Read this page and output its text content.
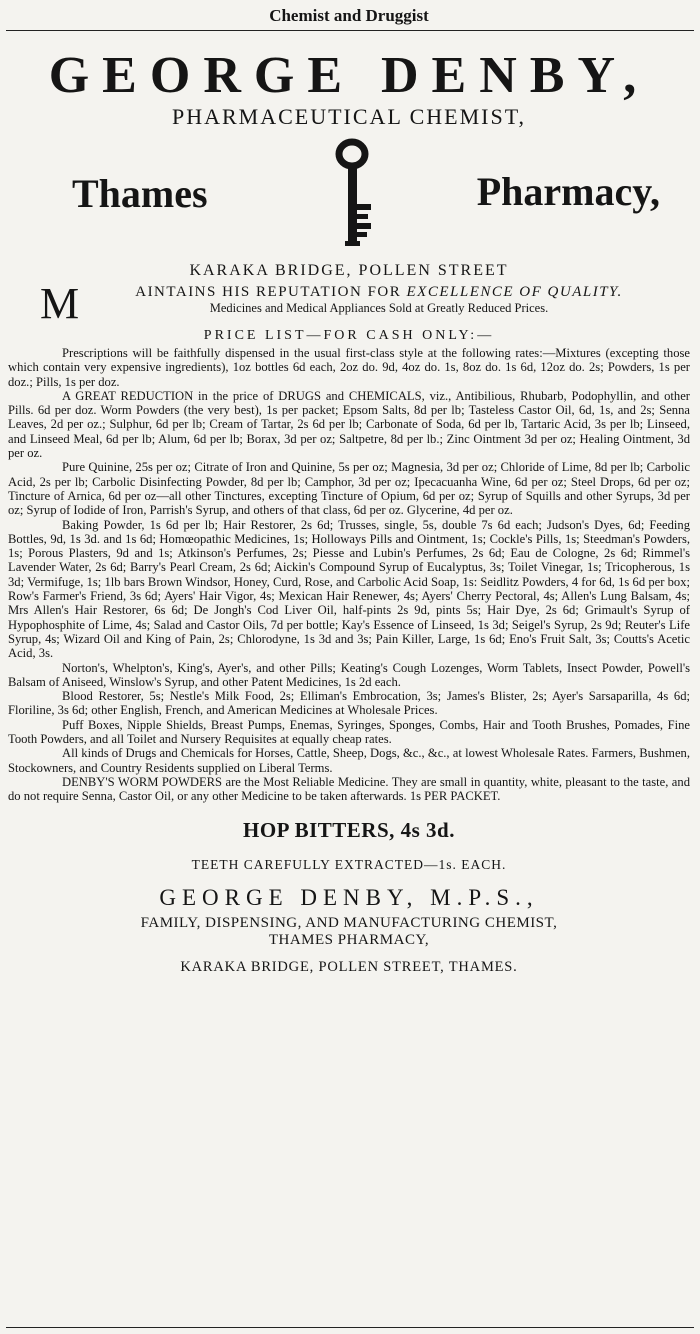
Chemist and Druggist
GEORGE DENBY,
PHARMACEUTICAL CHEMIST,
Thames	Pharmacy,
KARAKA BRIDGE, POLLEN STREET
M	AINTAINS HIS REPUTATION FOR EXCELLENCE OF QUALITY.
Medicines and Medical Appliances Sold at Greatly Reduced Prices.
PRICE LIST—FOR CASH ONLY:—

Prescriptions will be faithfully dispensed in the usual first-class style at the following rates:—Mixtures (excepting those which contain very expensive ingredients), 1oz bottles 6d each, 2oz do. 9d, 4oz do. 1s, 8oz do. 1s 6d, 12oz do. 2s; Powders, 1s per doz.; Pills, 1s per doz.

A GREAT REDUCTION in the price of DRUGS and CHEMICALS, viz., Antibilious, Rhubarb, Podophyllin, and other Pills. 6d per doz. Worm Powders (the very best), 1s per packet; Epsom Salts, 8d per lb; Tasteless Castor Oil, 6d, 1s, and 2s; Senna Leaves, 2d per oz.; Sulphur, 6d per lb; Cream of Tartar, 2s 6d per lb; Carbonate of Soda, 6d per lb, Tartaric Acid, 3s per lb; Linseed, and Linseed Meal, 6d per lb; Alum, 6d per lb; Borax, 3d per oz; Saltpetre, 8d per lb.; Zinc Ointment 3d per oz; Healing Ointment, 3d per oz.

Pure Quinine, 25s per oz; Citrate of Iron and Quinine, 5s per oz; Magnesia, 3d per oz; Chloride of Lime, 8d per lb; Carbolic Acid, 2s per lb; Carbolic Disinfecting Powder, 8d per lb; Camphor, 3d per oz; Ipecacuanha Wine, 6d per oz; Steel Drops, 6d per oz; Tincture of Arnica, 6d per oz—all other Tinctures, excepting Tincture of Opium, 6d per oz; Syrup of Squills and other Syrups, 3d per oz; Syrup of Iodide of Iron, Parrish's Syrup, and others of that class, 6d per oz. Glycerine, 4d per oz.

Baking Powder, 1s 6d per lb; Hair Restorer, 2s 6d; Trusses, single, 5s, double 7s 6d each; Judson's Dyes, 6d; Feeding Bottles, 9d, 1s 3d. and 1s 6d; Homœopathic Medicines, 1s; Holloways Pills and Ointment, 1s; Cockle's Pills, 1s; Steedman's Powders, 1s; Porous Plasters, 9d and 1s; Atkinson's Perfumes, 2s; Piesse and Lubin's Perfumes, 2s 6d; Eau de Cologne, 2s 6d; Rimmel's Lavender Water, 2s 6d; Barry's Pearl Cream, 2s 6d; Aickin's Compound Syrup of Eucalyptus, 3s; Toilet Vinegar, 1s; Tricopherous, 1s 3d; Vermifuge, 1s; 1lb bars Brown Windsor, Honey, Curd, Rose, and Carbolic Acid Soap, 1s: Seidlitz Powders, 4 for 6d, 1s 6d per box; Row's Farmer's Friend, 3s 6d; Ayers' Hair Vigor, 4s; Mexican Hair Renewer, 4s; Ayers' Cherry Pectoral, 4s; Allen's Lung Balsam, 4s; Mrs Allen's Hair Restorer, 6s 6d; De Jongh's Cod Liver Oil, half-pints 2s 9d, pints 5s; Hair Dye, 2s 6d; Grimault's Syrup of Hypophosphite of Lime, 4s; Salad and Castor Oils, 7d per bottle; Kay's Essence of Linseed, 1s 3d; Seigel's Syrup, 2s 9d; Reuter's Life Syrup, 4s; Wizard Oil and King of Pain, 2s; Chlorodyne, 1s 3d and 3s; Pain Killer, Large, 1s 6d; Eno's Fruit Salt, 3s; Coutts's Acetic Acid, 3s.

Norton's, Whelpton's, King's, Ayer's, and other Pills; Keating's Cough Lozenges, Worm Tablets, Insect Powder, Powell's Balsam of Aniseed, Winslow's Syrup, and other Patent Medicines, 1s 2d each.

Blood Restorer, 5s; Nestle's Milk Food, 2s; Elliman's Embrocation, 3s; James's Blister, 2s; Ayer's Sarsaparilla, 4s 6d; Floriline, 3s 6d; other English, French, and American Medicines at Wholesale Prices.

Puff Boxes, Nipple Shields, Breast Pumps, Enemas, Syringes, Sponges, Combs, Hair and Tooth Brushes, Pomades, Fine Tooth Powders, and all Toilet and Nursery Requisites at equally cheap rates.

All kinds of Drugs and Chemicals for Horses, Cattle, Sheep, Dogs, &c., &c., at lowest Wholesale Rates. Farmers, Bushmen, Stockowners, and Country Residents supplied on Liberal Terms.

DENBY'S WORM POWDERS are the Most Reliable Medicine. They are small in quantity, white, pleasant to the taste, and do not require Senna, Castor Oil, or any other Medicine to be taken afterwards. 1s PER PACKET.

HOP BITTERS, 4s 3d.
TEETH CAREFULLY EXTRACTED—1s. EACH.
GEORGE DENBY, M.P.S.,
FAMILY, DISPENSING, AND MANUFACTURING CHEMIST,
THAMES PHARMACY,
KARAKA BRIDGE, POLLEN STREET, THAMES.
